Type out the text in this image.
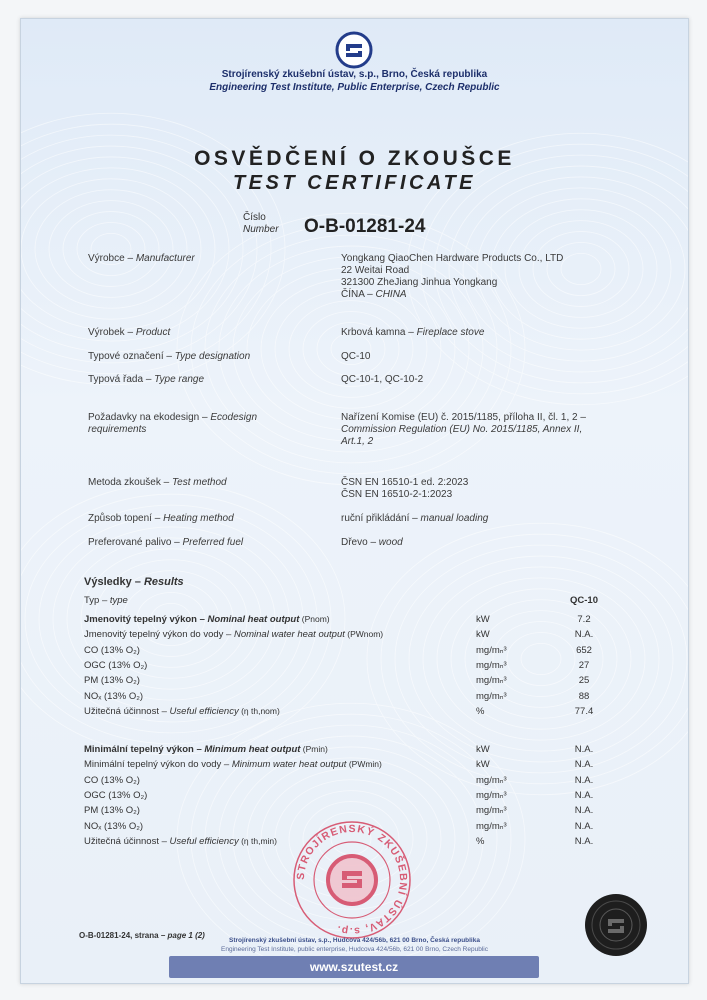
Strojírenský zkušební ústav, s.p., Brno, Česká republika
Engineering Test Institute, Public Enterprise, Czech Republic
OSVĚDČENÍ O ZKOUŠCE
TEST CERTIFICATE
Číslo
Number O-B-01281-24
Výrobce – Manufacturer	Yongkang QiaoChen Hardware Products Co., LTD
22 Weitai Road
321300 ZheJiang Jinhua Yongkang
ČÍNA – CHINA
Výrobek – Product	Krbová kamna – Fireplace stove
Typové označení – Type designation	QC-10
Typová řada – Type range	QC-10-1, QC-10-2
Požadavky na ekodesign – Ecodesign
requirements
Nařízení Komise (EU) č. 2015/1185, příloha II, čl. 1, 2 –
Commission Regulation (EU) No. 2015/1185, Annex II,
Art.1, 2
Metoda zkoušek – Test method	ČSN EN 16510-1 ed. 2:2023
ČSN EN 16510-2-1:2023
Způsob topení – Heating method	ruční přikládání – manual loading
Preferované palivo – Preferred fuel	Dřevo – wood
Výsledky – Results
Typ – type	QC-10
Jmenovitý tepelný výkon – Nominal heat output (Pnom)	kW	7.2
Jmenovitý tepelný výkon do vody – Nominal water heat output (PWnom)	kW	N.A.
CO (13% O₂)	mg/mₙ³	652
OGC (13% O₂)	mg/mₙ³	27
PM (13% O₂)	mg/mₙ³	25
NOₓ (13% O₂)	mg/mₙ³	88
Užitečná účinnost – Useful efficiency (η th,nom)	%	77.4
Minimální tepelný výkon – Minimum heat output (Pmin)	kW	N.A.
Minimální tepelný výkon do vody – Minimum water heat output (PWmin)	kW	N.A.
CO (13% O₂)	mg/mₙ³	N.A.
OGC (13% O₂)	mg/mₙ³	N.A.
PM (13% O₂)	mg/mₙ³	N.A.
NOₓ (13% O₂)	mg/mₙ³	N.A.
Užitečná účinnost – Useful efficiency (η th,min)	%	N.A.
STROJÍRENSKÝ ZKUŠEBNÍ ÚSTAV, s.p.
O-B-01281-24, strana – page 1 (2)
Strojírenský zkušební ústav, s.p., Hudcova 424/56b, 621 00 Brno, Česká republika
Engineering Test Institute, public enterprise, Hudcova 424/56b, 621 00 Brno, Czech Republic
www.szutest.cz
